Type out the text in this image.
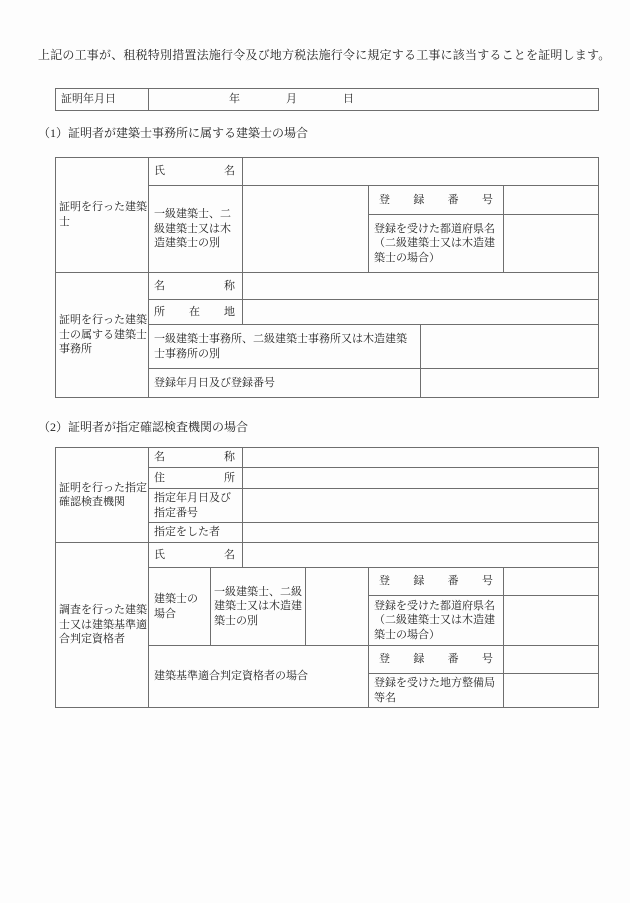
上記の工事が、租税特別措置法施行令及び地方税法施行令に規定する工事に該当することを証明します。
証明年月日	年	月	日
（1）証明者が建築士事務所に属する建築士の場合
証明を行った建築士	氏 名				
	一級建築士、二級建築士又は木造建築士の別		登 録 番 号		
			登録を受けた都道府県名（二級建築士又は木造建築士の場合）		
証明を行った建築士の属する建築士事務所	名 称				
	所 在 地				
	一級建築士事務所、二級建築士事務所又は木造建築士事務所の別				
	登録年月日及び登録番号				
（2）証明者が指定確認検査機関の場合
証明を行った指定確認検査機関	名 称					
	住 所					
	指定年月日及び指定番号					
	指定をした者					
調査を行った建築士又は建築基準適合判定資格者	氏 名					
	建築士の場合	一級建築士、二級建築士又は木造建築士の別			登 録 番 号	
					登録を受けた都道府県名（二級建築士又は木造建築士の場合）	
	建築基準適合判定資格者の場合				登 録 番 号	
					登録を受けた地方整備局等名	
